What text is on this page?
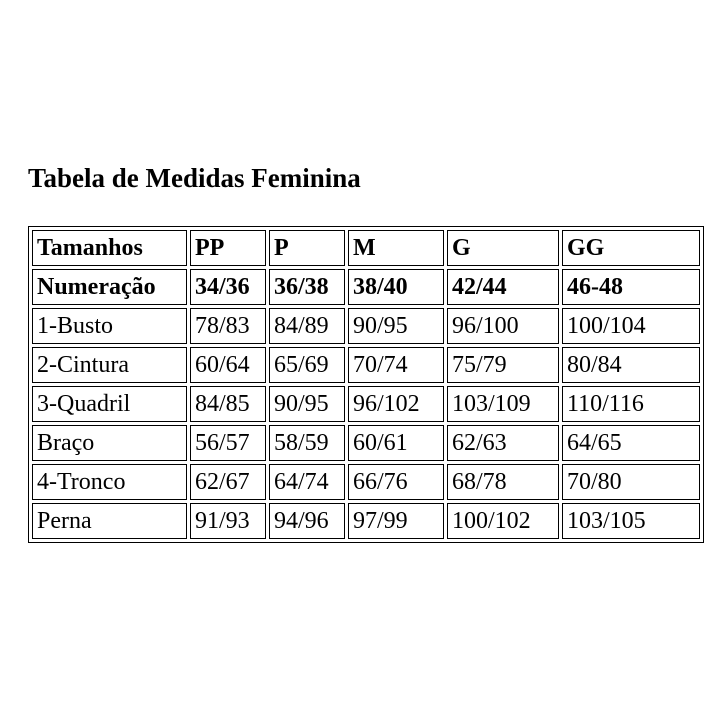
Tabela de Medidas Feminina
Tamanhos	PP	P	M	G	GG
Numeração	34/36	36/38	38/40	42/44	46-48
1-Busto	78/83	84/89	90/95	96/100	100/104
2-Cintura	60/64	65/69	70/74	75/79	80/84
3-Quadril	84/85	90/95	96/102	103/109	110/116
Braço	56/57	58/59	60/61	62/63	64/65
4-Tronco	62/67	64/74	66/76	68/78	70/80
Perna	91/93	94/96	97/99	100/102	103/105
